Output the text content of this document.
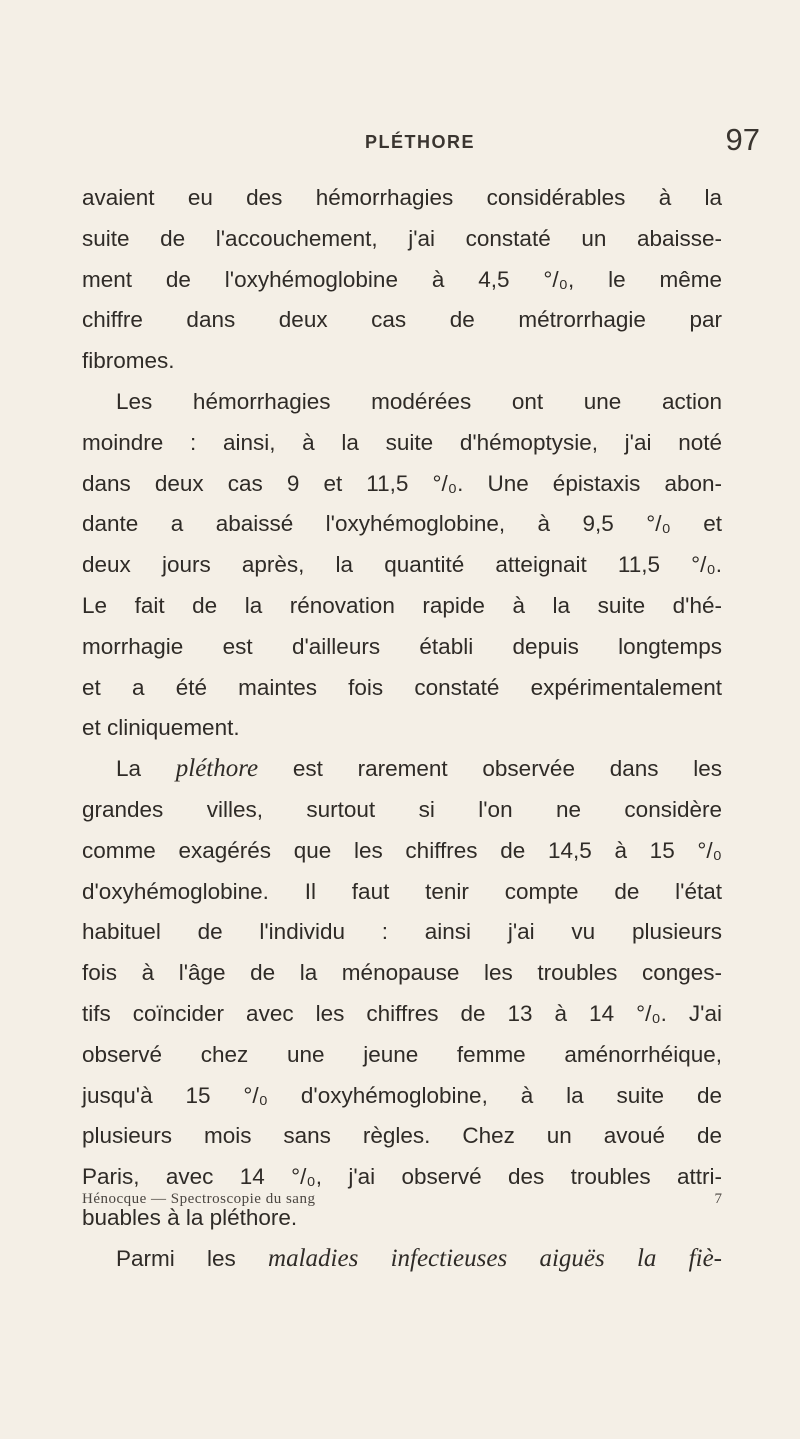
PLÉTHORE	97
avaient eu des hémorrhagies considérables à la
suite de l'accouchement, j'ai constaté un abaisse-
ment de l'oxyhémoglobine à 4,5 °/₀, le même
chiffre dans deux cas de métrorrhagie par
fibromes.
Les hémorrhagies modérées ont une action
moindre : ainsi, à la suite d'hémoptysie, j'ai noté
dans deux cas 9 et 11,5 °/₀. Une épistaxis abon-
dante a abaissé l'oxyhémoglobine, à 9,5 °/₀ et
deux jours après, la quantité atteignait 11,5 °/₀.
Le fait de la rénovation rapide à la suite d'hé-
morrhagie est d'ailleurs établi depuis longtemps
et a été maintes fois constaté expérimentalement
et cliniquement.
La pléthore est rarement observée dans les
grandes villes, surtout si l'on ne considère
comme exagérés que les chiffres de 14,5 à 15 °/₀
d'oxyhémoglobine. Il faut tenir compte de l'état
habituel de l'individu : ainsi j'ai vu plusieurs
fois à l'âge de la ménopause les troubles conges-
tifs coïncider avec les chiffres de 13 à 14 °/₀. J'ai
observé chez une jeune femme aménorrhéique,
jusqu'à 15 °/₀ d'oxyhémoglobine, à la suite de
plusieurs mois sans règles. Chez un avoué de
Paris, avec 14 °/₀, j'ai observé des troubles attri-
buables à la pléthore.
Parmi les maladies infectieuses aiguës la fiè-
Hénocque — Spectroscopie du sang	7
